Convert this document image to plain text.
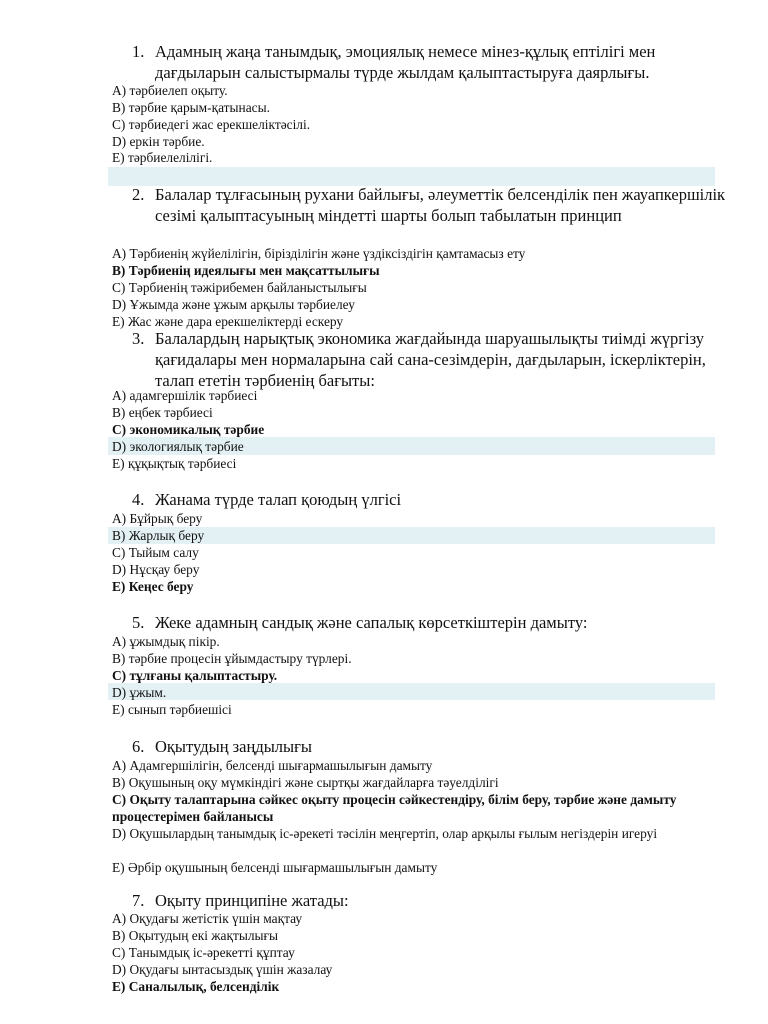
1. Адамның жаңа танымдық, эмоциялық немесе мінез-құлық ептілігі мен дағдыларын салыстырмалы түрде жылдам қалыптастыруға даярлығы.
A) тәрбиелеп оқыту.
B) тәрбие қарым-қатынасы.
C) тәрбиедегі жас ерекшеліктәсілі.
D) еркін тәрбие.
E) тәрбиелелілігі.
2. Балалар тұлғасының рухани байлығы, әлеуметтік белсенділік пен жауапкершілік сезімі қалыптасуының міндетті шарты болып табылатын принцип
A) Тәрбиенің жүйелілігін, бірізділігін және үздіксіздігін қамтамасыз ету
B) Тәрбиенің идеялығы мен мақсаттылығы
C) Тәрбиенің тәжірибемен байланыстылығы
D) Ұжымда және ұжым арқылы тәрбиелеу
E) Жас және дара ерекшеліктерді ескеру
3. Балалардың нарықтық экономика жағдайында шаруашылықты тиімді жүргізу қағидалары мен нормаларына сай сана-сезімдерін, дағдыларын, іскерліктерін, талап ететін тәрбиенің бағыты:
A) адамгершілік тәрбиесі
B) еңбек тәрбиесі
C) экономикалық тәрбие
D) экологиялық тәрбие
E) құқықтық тәрбиесі
4. Жанама түрде талап қоюдың үлгісі
A) Бұйрық беру
B) Жарлық беру
C) Тыйым салу
D) Нұсқау беру
E) Кеңес беру
5. Жеке адамның сандық және сапалық көрсеткіштерін дамыту:
A) ұжымдық пікір.
B) тәрбие процесін ұйымдастыру түрлері.
C) тұлғаны қалыптастыру.
D) ұжым.
E) сынып тәрбиешісі
6. Оқытудың заңдылығы
A) Адамгершілігін, белсенді шығармашылығын дамыту
B) Оқушының оқу мүмкіндігі және сыртқы жағдайларға тәуелділігі
C) Оқыту талаптарына сәйкес оқыту процесін сәйкестендіру, білім беру, тәрбие және дамыту процестерімен байланысы
D) Оқушылардың танымдық іс-әрекеті тәсілін меңгертіп, олар арқылы ғылым негіздерін игеруі
E) Әрбір оқушының белсенді шығармашылығын дамыту
7. Оқыту принципіне жатады:
A) Оқудағы жетістік үшін мақтау
B) Оқытудың екі жақтылығы
C) Танымдық іс-әрекетті құптау
D) Оқудағы ынтасыздық үшін жазалау
E) Саналылық, белсенділік
